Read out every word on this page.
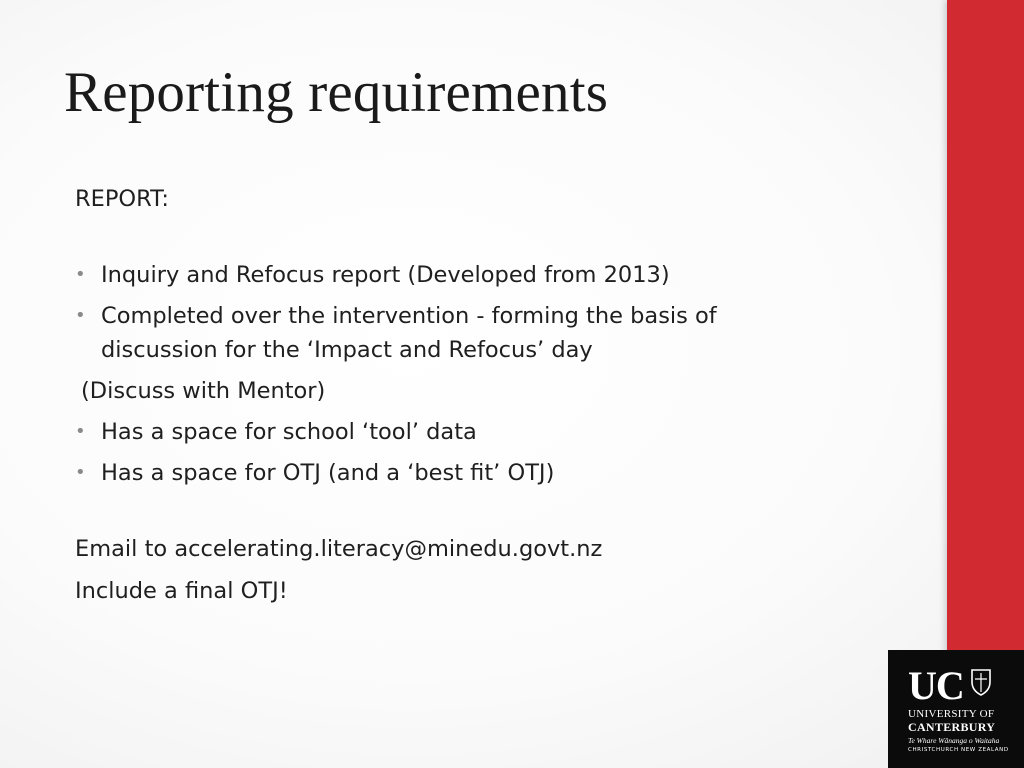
Reporting requirements
REPORT:
• Inquiry and Refocus report (Developed from 2013)
• Completed over the intervention - forming the basis of discussion for the ‘Impact and Refocus’ day
(Discuss with Mentor)
• Has a space for school ‘tool’ data
• Has a space for OTJ (and a ‘best fit’ OTJ)
Email to accelerating.literacy@minedu.govt.nz
Include a final OTJ!
UC
UNIVERSITY OF
CANTERBURY
Te Whare Wānanga o Waitaha
CHRISTCHURCH NEW ZEALAND
